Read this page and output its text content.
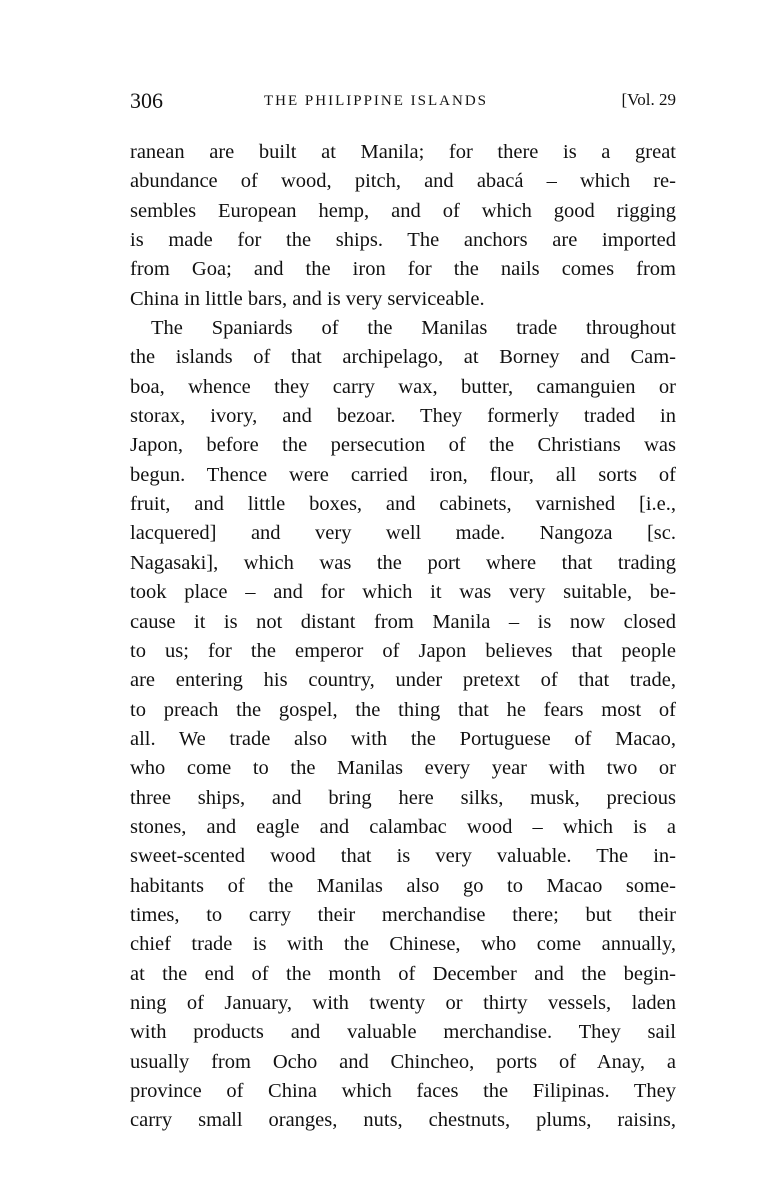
306	THE PHILIPPINE ISLANDS	[Vol. 29
ranean are built at Manila; for there is a great
abundance of wood, pitch, and abacá – which re-
sembles European hemp, and of which good rigging
is made for the ships. The anchors are imported
from Goa; and the iron for the nails comes from
China in little bars, and is very serviceable.
The Spaniards of the Manilas trade throughout
the islands of that archipelago, at Borney and Cam-
boa, whence they carry wax, butter, camanguien or
storax, ivory, and bezoar. They formerly traded in
Japon, before the persecution of the Christians was
begun. Thence were carried iron, flour, all sorts of
fruit, and little boxes, and cabinets, varnished [i.e.,
lacquered] and very well made. Nangoza [sc.
Nagasaki], which was the port where that trading
took place – and for which it was very suitable, be-
cause it is not distant from Manila – is now closed
to us; for the emperor of Japon believes that people
are entering his country, under pretext of that trade,
to preach the gospel, the thing that he fears most of
all. We trade also with the Portuguese of Macao,
who come to the Manilas every year with two or
three ships, and bring here silks, musk, precious
stones, and eagle and calambac wood – which is a
sweet-scented wood that is very valuable. The in-
habitants of the Manilas also go to Macao some-
times, to carry their merchandise there; but their
chief trade is with the Chinese, who come annually,
at the end of the month of December and the begin-
ning of January, with twenty or thirty vessels, laden
with products and valuable merchandise. They sail
usually from Ocho and Chincheo, ports of Anay, a
province of China which faces the Filipinas. They
carry small oranges, nuts, chestnuts, plums, raisins,
